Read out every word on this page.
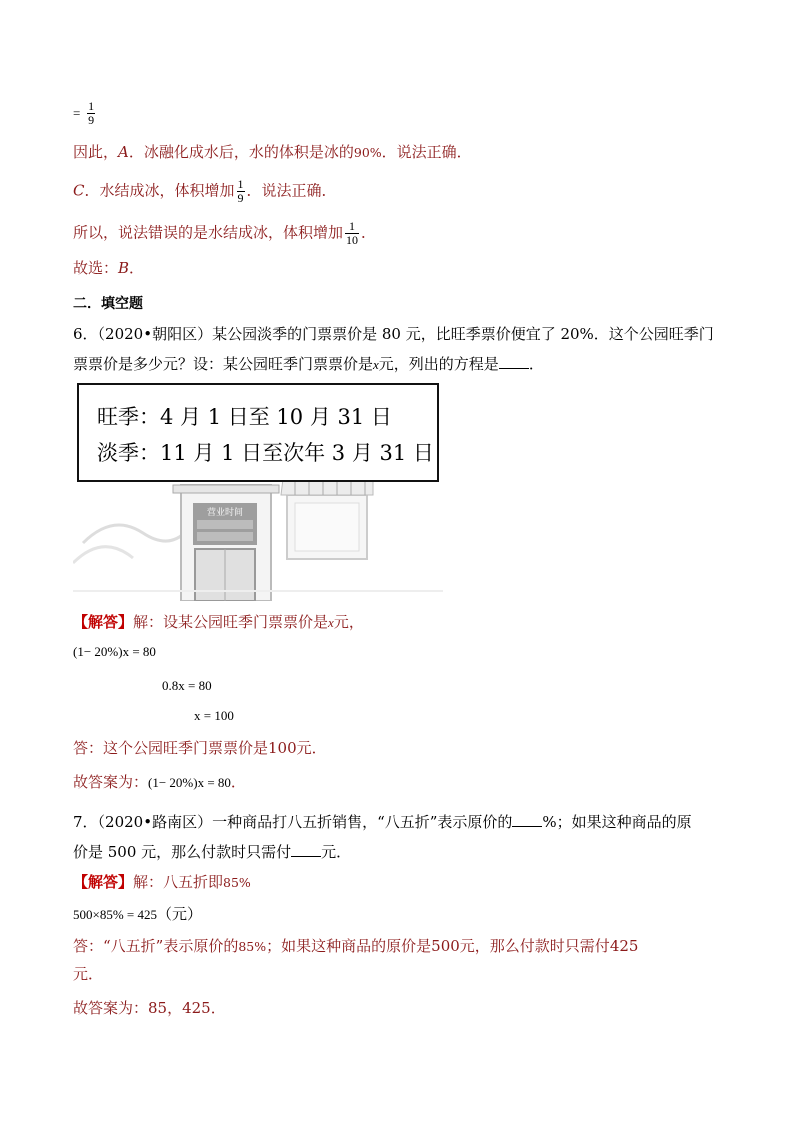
= $\frac{1}{9}$
因此，A．冰融化成水后，水的体积是冰的90%．说法正确．
C．水结成冰，体积增加 $\frac{1}{9}$ ．说法正确．
所以，说法错误的是水结成冰，体积增加 $\frac{1}{10}$ ．
故选：B．
二．填空题
6．（2020•朝阳区）某公园淡季的门票票价是 80 元，比旺季票价便宜了 20%．这个公园旺季门
票票价是多少元？设：某公园旺季门票票价是x元，列出的方程是 ．
营业时间
旺季：4 月 1 日至 10 月 31 日
淡季：11 月 1 日至次年 3 月 31 日
【解答】解：设某公园旺季门票票价是x元，
(1− 20%)x = 80
0.8x = 80
x = 100
答：这个公园旺季门票票价是100元．
故答案为：(1− 20%)x = 80．
7．（2020•路南区）一种商品打八五折销售，“八五折”表示原价的 %；如果这种商品的原
价是 500 元，那么付款时只需付 元．
【解答】解：八五折即85%
500×85% = 425（元）
答：“八五折”表示原价的85%；如果这种商品的原价是500元，那么付款时只需付425
元．
故答案为：85，425．
